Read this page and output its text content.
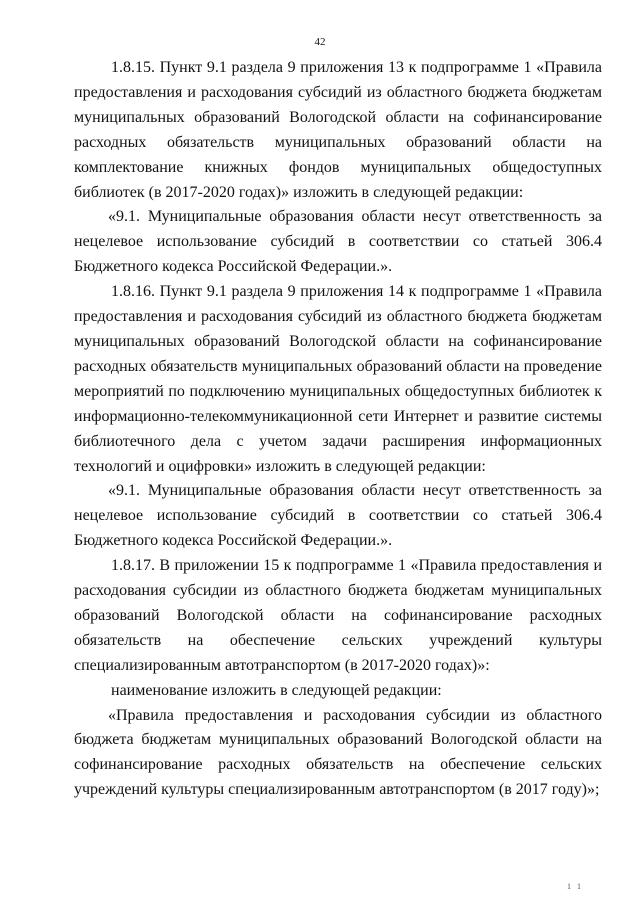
42

1.8.15. Пункт 9.1 раздела 9 приложения 13 к подпрограмме 1 «Правила предоставления и расходования субсидий из областного бюджета бюджетам муниципальных образований Вологодской области на софинансирование расходных обязательств муниципальных образований области на комплектование книжных фондов муниципальных общедоступных библиотек (в 2017-2020 годах)» изложить в следующей редакции:

«9.1. Муниципальные образования области несут ответственность за нецелевое использование субсидий в соответствии со статьей 306.4 Бюджетного кодекса Российской Федерации.».

1.8.16. Пункт 9.1 раздела 9 приложения 14 к подпрограмме 1 «Правила предоставления и расходования субсидий из областного бюджета бюджетам муниципальных образований Вологодской области на софинансирование расходных обязательств муниципальных образований области на проведение мероприятий по подключению муниципальных общедоступных библиотек к информационно-телекоммуникационной сети Интернет и развитие системы библиотечного дела с учетом задачи расширения информационных технологий и оцифровки» изложить в следующей редакции:

«9.1. Муниципальные образования области несут ответственность за нецелевое использование субсидий в соответствии со статьей 306.4 Бюджетного кодекса Российской Федерации.».

1.8.17. В приложении 15 к подпрограмме 1 «Правила предоставления и расходования субсидии из областного бюджета бюджетам муниципальных образований Вологодской области на софинансирование расходных обязательств на обеспечение сельских учреждений культуры специализированным автотранспортом (в 2017-2020 годах)»:

наименование изложить в следующей редакции:

«Правила предоставления и расходования субсидии из областного бюджета бюджетам муниципальных образований Вологодской области на софинансирование расходных обязательств на обеспечение сельских учреждений культуры специализированным автотранспортом (в 2017 году)»;

1 1
